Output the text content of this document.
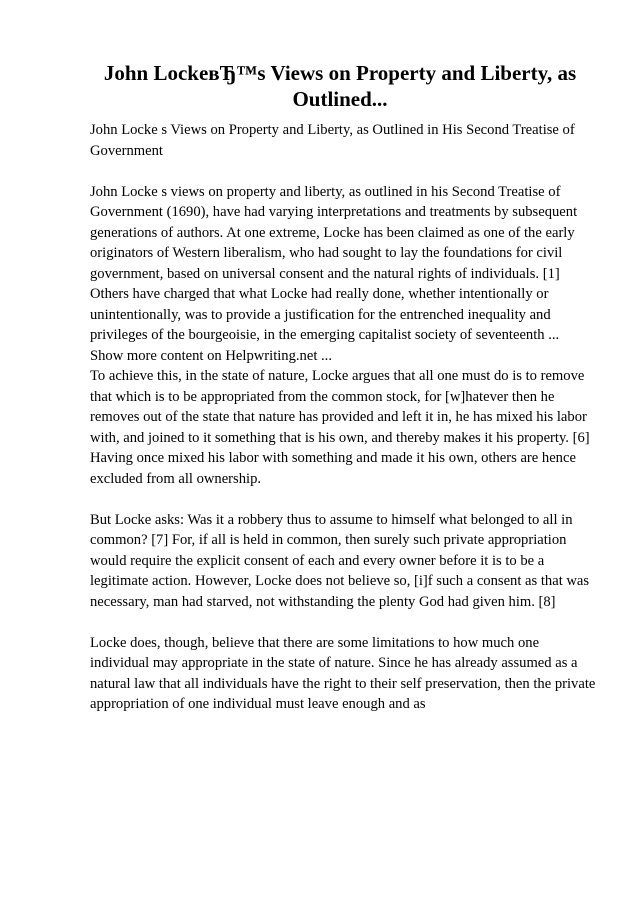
John LockeвЂ™s Views on Property and Liberty, as Outlined...

John Locke s Views on Property and Liberty, as Outlined in His Second Treatise of Government

John Locke s views on property and liberty, as outlined in his Second Treatise of Government (1690), have had varying interpretations and treatments by subsequent generations of authors. At one extreme, Locke has been claimed as one of the early originators of Western liberalism, who had sought to lay the foundations for civil government, based on universal consent and the natural rights of individuals. [1] Others have charged that what Locke had really done, whether intentionally or unintentionally, was to provide a justification for the entrenched inequality and privileges of the bourgeoisie, in the emerging capitalist society of seventeenth ...

Show more content on Helpwriting.net ...

To achieve this, in the state of nature, Locke argues that all one must do is to remove that which is to be appropriated from the common stock, for [w]hatever then he removes out of the state that nature has provided and left it in, he has mixed his labor with, and joined to it something that is his own, and thereby makes it his property. [6] Having once mixed his labor with something and made it his own, others are hence excluded from all ownership.

But Locke asks: Was it a robbery thus to assume to himself what belonged to all in common? [7] For, if all is held in common, then surely such private appropriation would require the explicit consent of each and every owner before it is to be a legitimate action. However, Locke does not believe so, [i]f such a consent as that was necessary, man had starved, not withstanding the plenty God had given him. [8]

Locke does, though, believe that there are some limitations to how much one individual may appropriate in the state of nature. Since he has already assumed as a natural law that all individuals have the right to their self preservation, then the private appropriation of one individual must leave enough and as
